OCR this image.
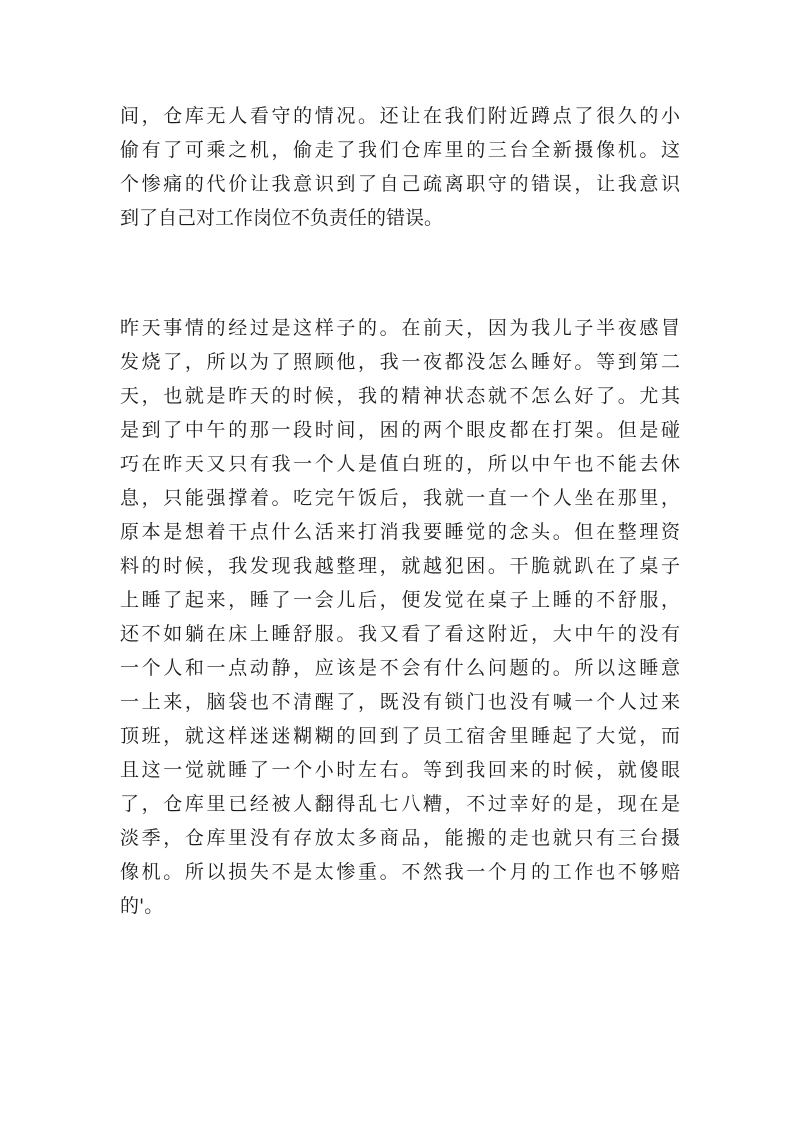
间，仓库无人看守的情况。还让在我们附近蹲点了很久的小
偷有了可乘之机，偷走了我们仓库里的三台全新摄像机。这
个惨痛的代价让我意识到了自己疏离职守的错误，让我意识
到了自己对工作岗位不负责任的错误。
昨天事情的经过是这样子的。在前天，因为我儿子半夜感冒
发烧了，所以为了照顾他，我一夜都没怎么睡好。等到第二
天，也就是昨天的时候，我的精神状态就不怎么好了。尤其
是到了中午的那一段时间，困的两个眼皮都在打架。但是碰
巧在昨天又只有我一个人是值白班的，所以中午也不能去休
息，只能强撑着。吃完午饭后，我就一直一个人坐在那里，
原本是想着干点什么活来打消我要睡觉的念头。但在整理资
料的时候，我发现我越整理，就越犯困。干脆就趴在了桌子
上睡了起来，睡了一会儿后，便发觉在桌子上睡的不舒服，
还不如躺在床上睡舒服。我又看了看这附近，大中午的没有
一个人和一点动静，应该是不会有什么问题的。所以这睡意
一上来，脑袋也不清醒了，既没有锁门也没有喊一个人过来
顶班，就这样迷迷糊糊的回到了员工宿舍里睡起了大觉，而
且这一觉就睡了一个小时左右。等到我回来的时候，就傻眼
了，仓库里已经被人翻得乱七八糟，不过幸好的是，现在是
淡季，仓库里没有存放太多商品，能搬的走也就只有三台摄
像机。所以损失不是太惨重。不然我一个月的工作也不够赔
的'。
